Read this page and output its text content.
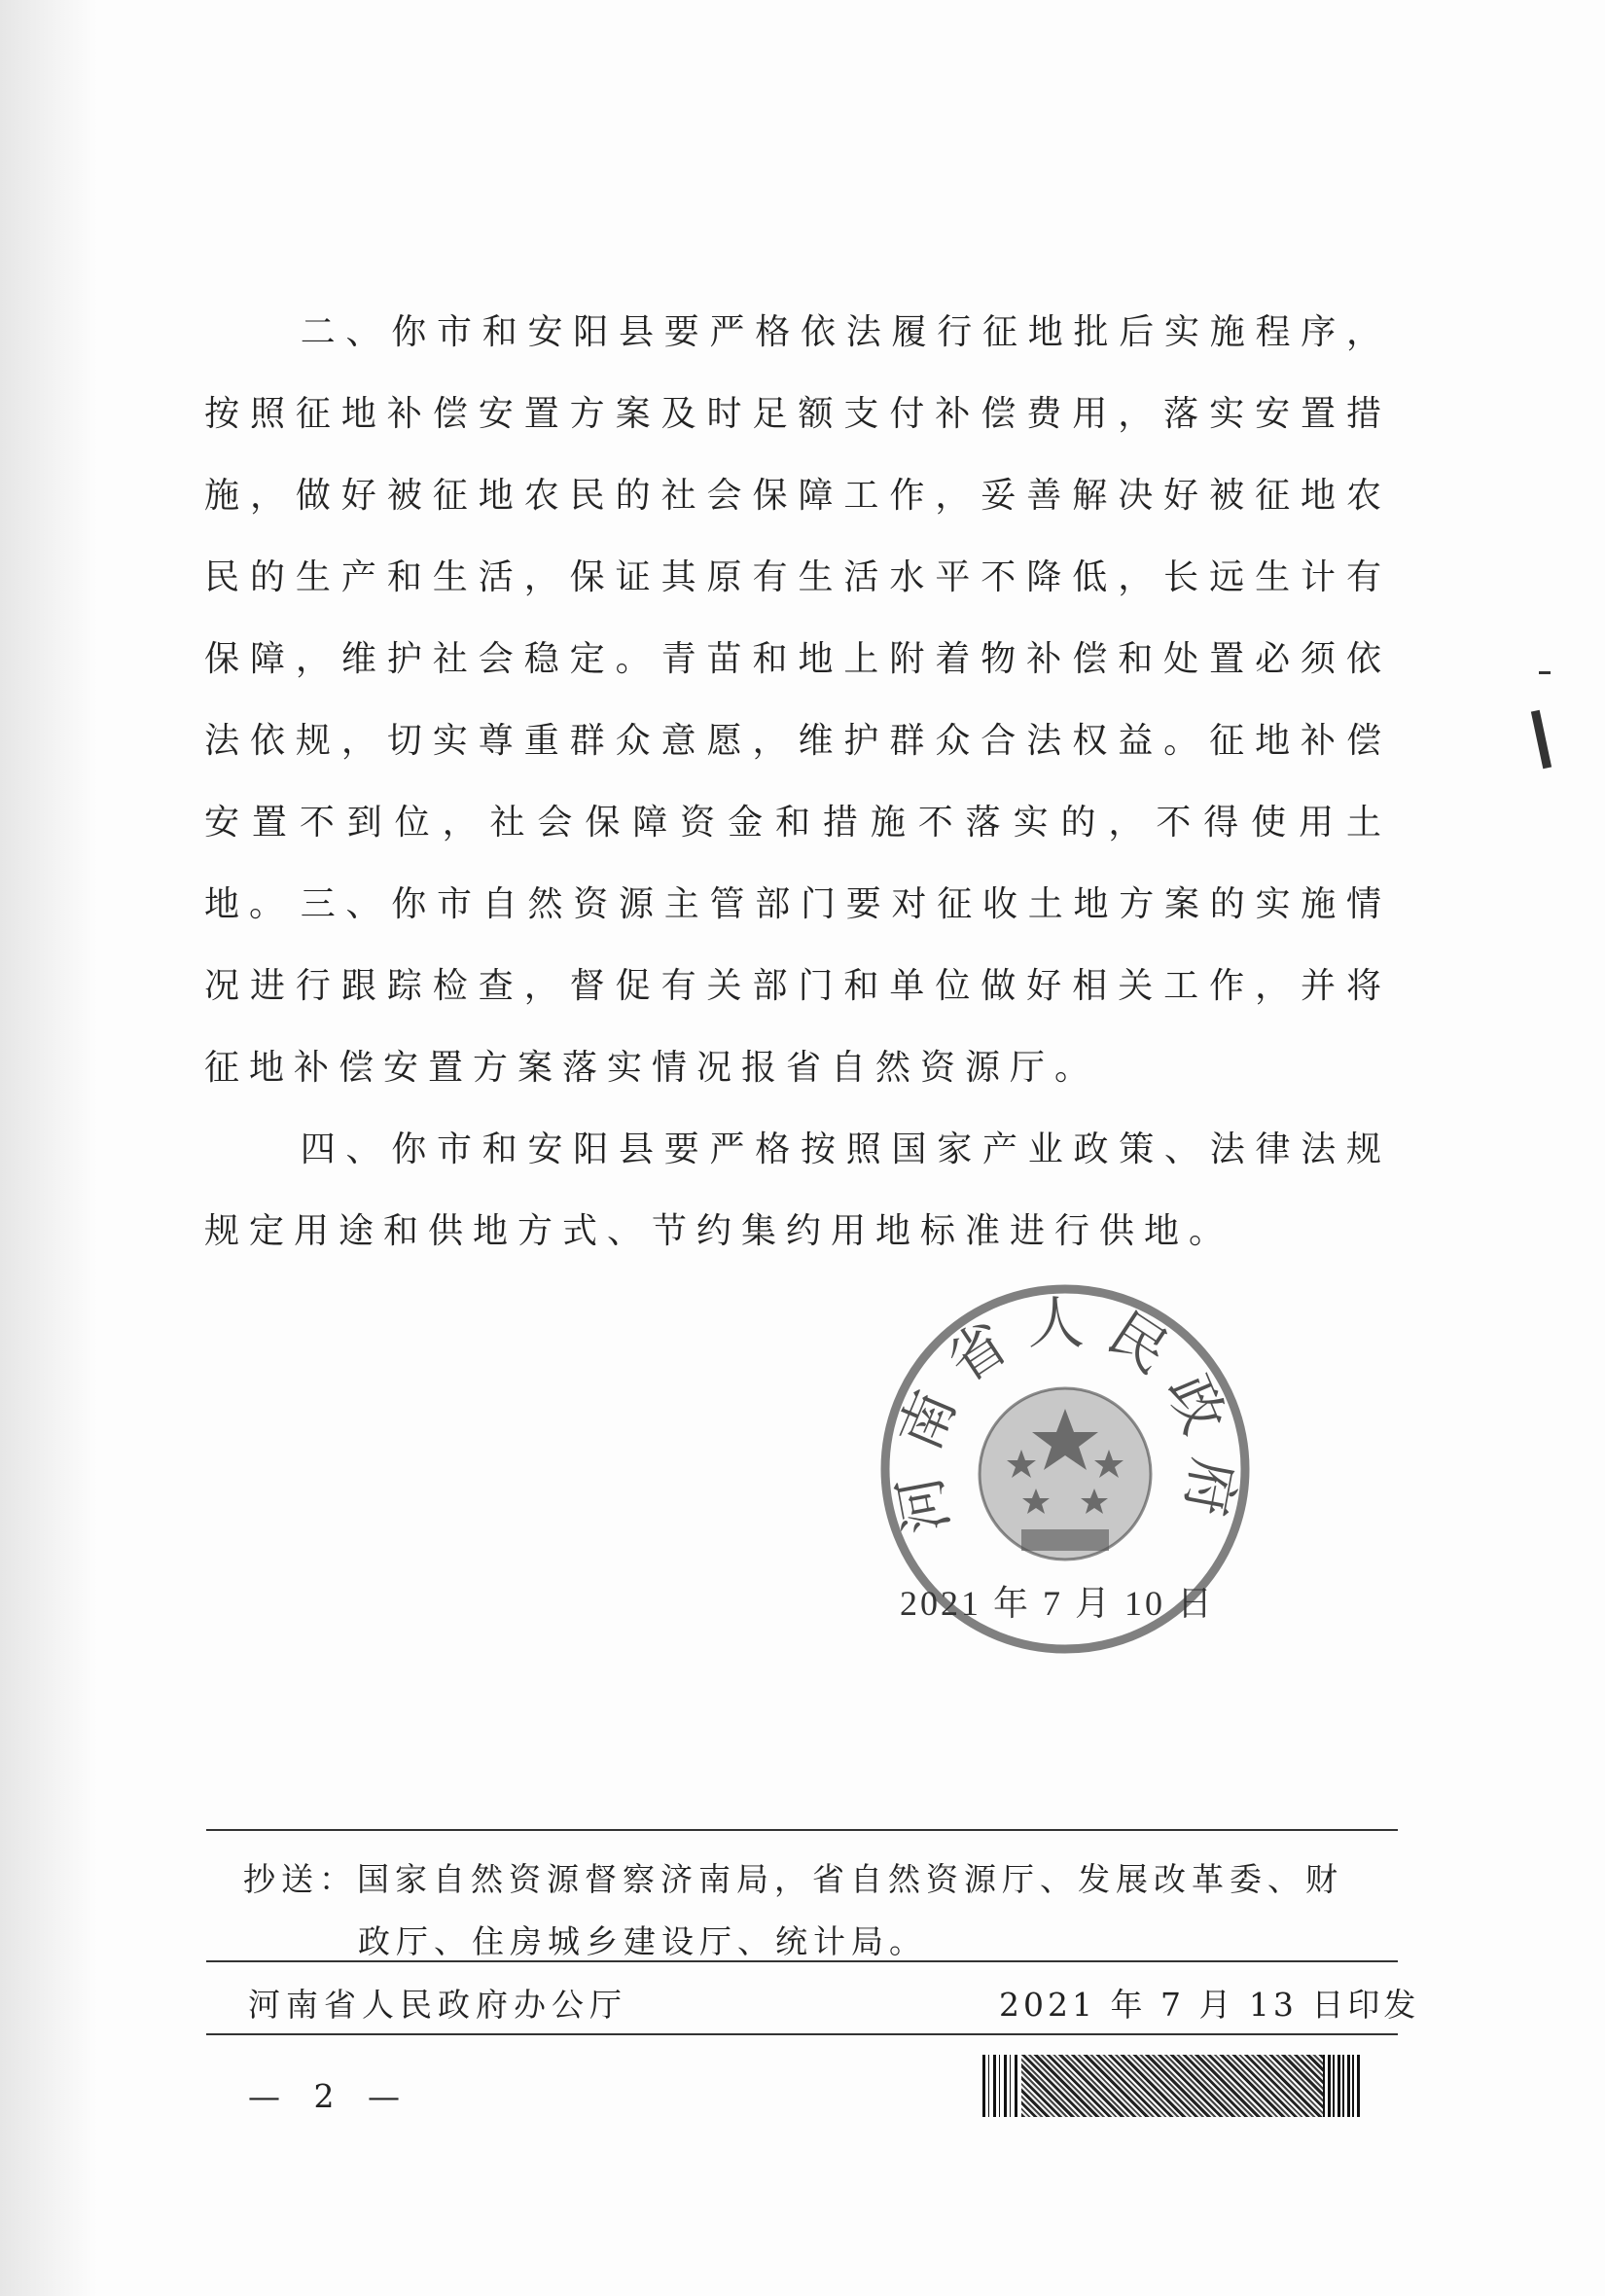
二、你市和安阳县要严格依法履行征地批后实施程序，按照征地补偿安置方案及时足额支付补偿费用，落实安置措施，做好被征地农民的社会保障工作，妥善解决好被征地农民的生产和生活，保证其原有生活水平不降低，长远生计有保障，维护社会稳定。青苗和地上附着物补偿和处置必须依法依规，切实尊重群众意愿，维护群众合法权益。征地补偿安置不到位，社会保障资金和措施不落实的，不得使用土地。 三、你市自然资源主管部门要对征收土地方案的实施情况进行跟踪检查，督促有关部门和单位做好相关工作，并将征地补偿安置方案落实情况报省自然资源厅。

四、你市和安阳县要严格按照国家产业政策、法律法规规定用途和供地方式、节约集约用地标准进行供地。

河南省人民政府
2021 年 7 月 10 日
抄送：国家自然资源督察济南局，省自然资源厅、发展改革委、财
政厅、住房城乡建设厅、统计局。
河南省人民政府办公厅	2021 年 7 月 13 日印发
— 2 —
